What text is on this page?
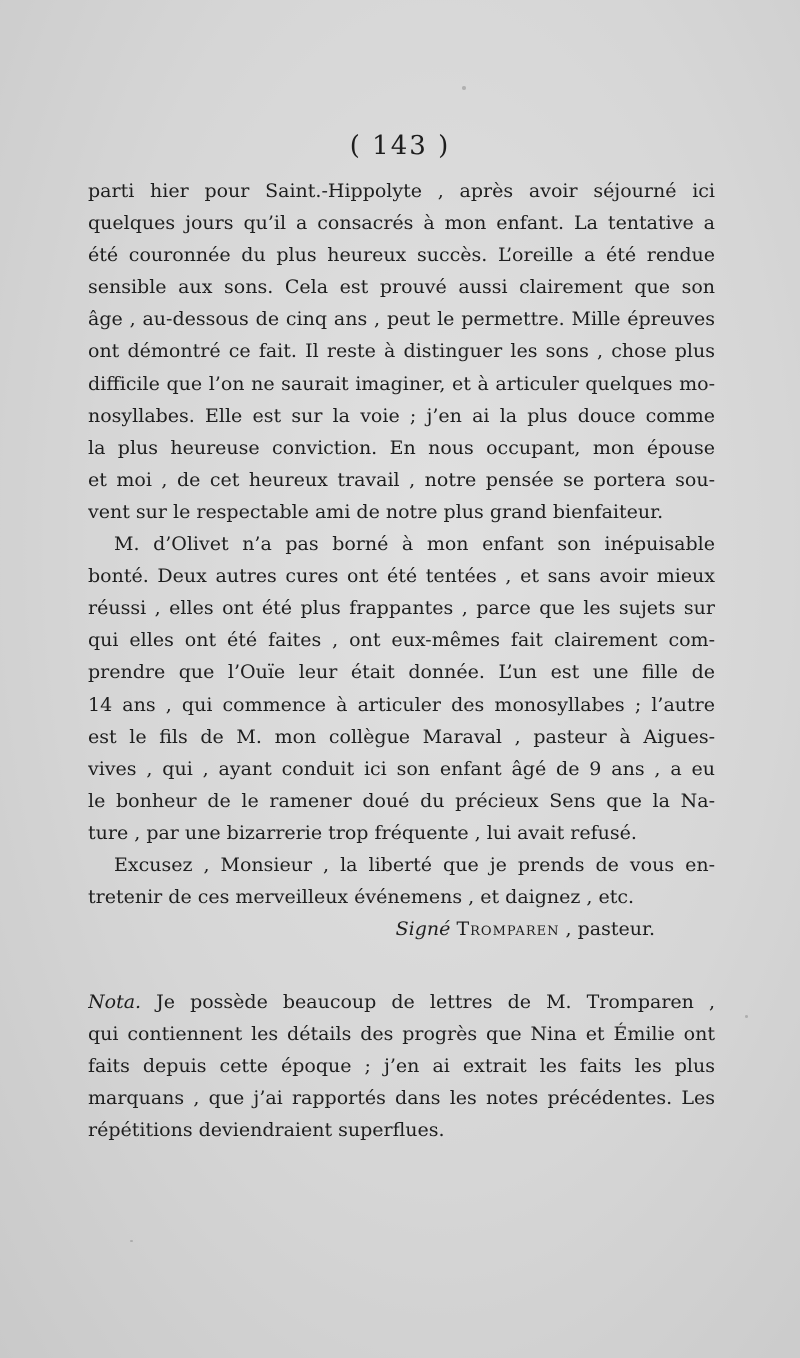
( 143 )
parti hier pour Saint.-Hippolyte , après avoir séjourné ici
quelques jours qu’il a consacrés à mon enfant. La tentative a
été couronnée du plus heureux succès. L’oreille a été rendue
sensible aux sons. Cela est prouvé aussi clairement que son
âge , au-dessous de cinq ans , peut le permettre. Mille épreuves
ont démontré ce fait. Il reste à distinguer les sons , chose plus
difficile que l’on ne saurait imaginer, et à articuler quelques mo-
nosyllabes. Elle est sur la voie ; j’en ai la plus douce comme
la plus heureuse conviction. En nous occupant, mon épouse
et moi , de cet heureux travail , notre pensée se portera sou-
vent sur le respectable ami de notre plus grand bienfaiteur.
M. d’Olivet n’a pas borné à mon enfant son inépuisable
bonté. Deux autres cures ont été tentées , et sans avoir mieux
réussi , elles ont été plus frappantes , parce que les sujets sur
qui elles ont été faites , ont eux-mêmes fait clairement com-
prendre que l’Ouïe leur était donnée. L’un est une fille de
14 ans , qui commence à articuler des monosyllabes ; l’autre
est le fils de M. mon collègue Maraval , pasteur à Aigues-
vives , qui , ayant conduit ici son enfant âgé de 9 ans , a eu
le bonheur de le ramener doué du précieux Sens que la Na-
ture , par une bizarrerie trop fréquente , lui avait refusé.
Excusez , Monsieur , la liberté que je prends de vous en-
tretenir de ces merveilleux événemens , et daignez , etc.
Signé Tromparen , pasteur.
Nota. Je possède beaucoup de lettres de M. Tromparen ,
qui contiennent les détails des progrès que Nina et Émilie ont
faits depuis cette époque ; j’en ai extrait les faits les plus
marquans , que j’ai rapportés dans les notes précédentes. Les
répétitions deviendraient superflues.
